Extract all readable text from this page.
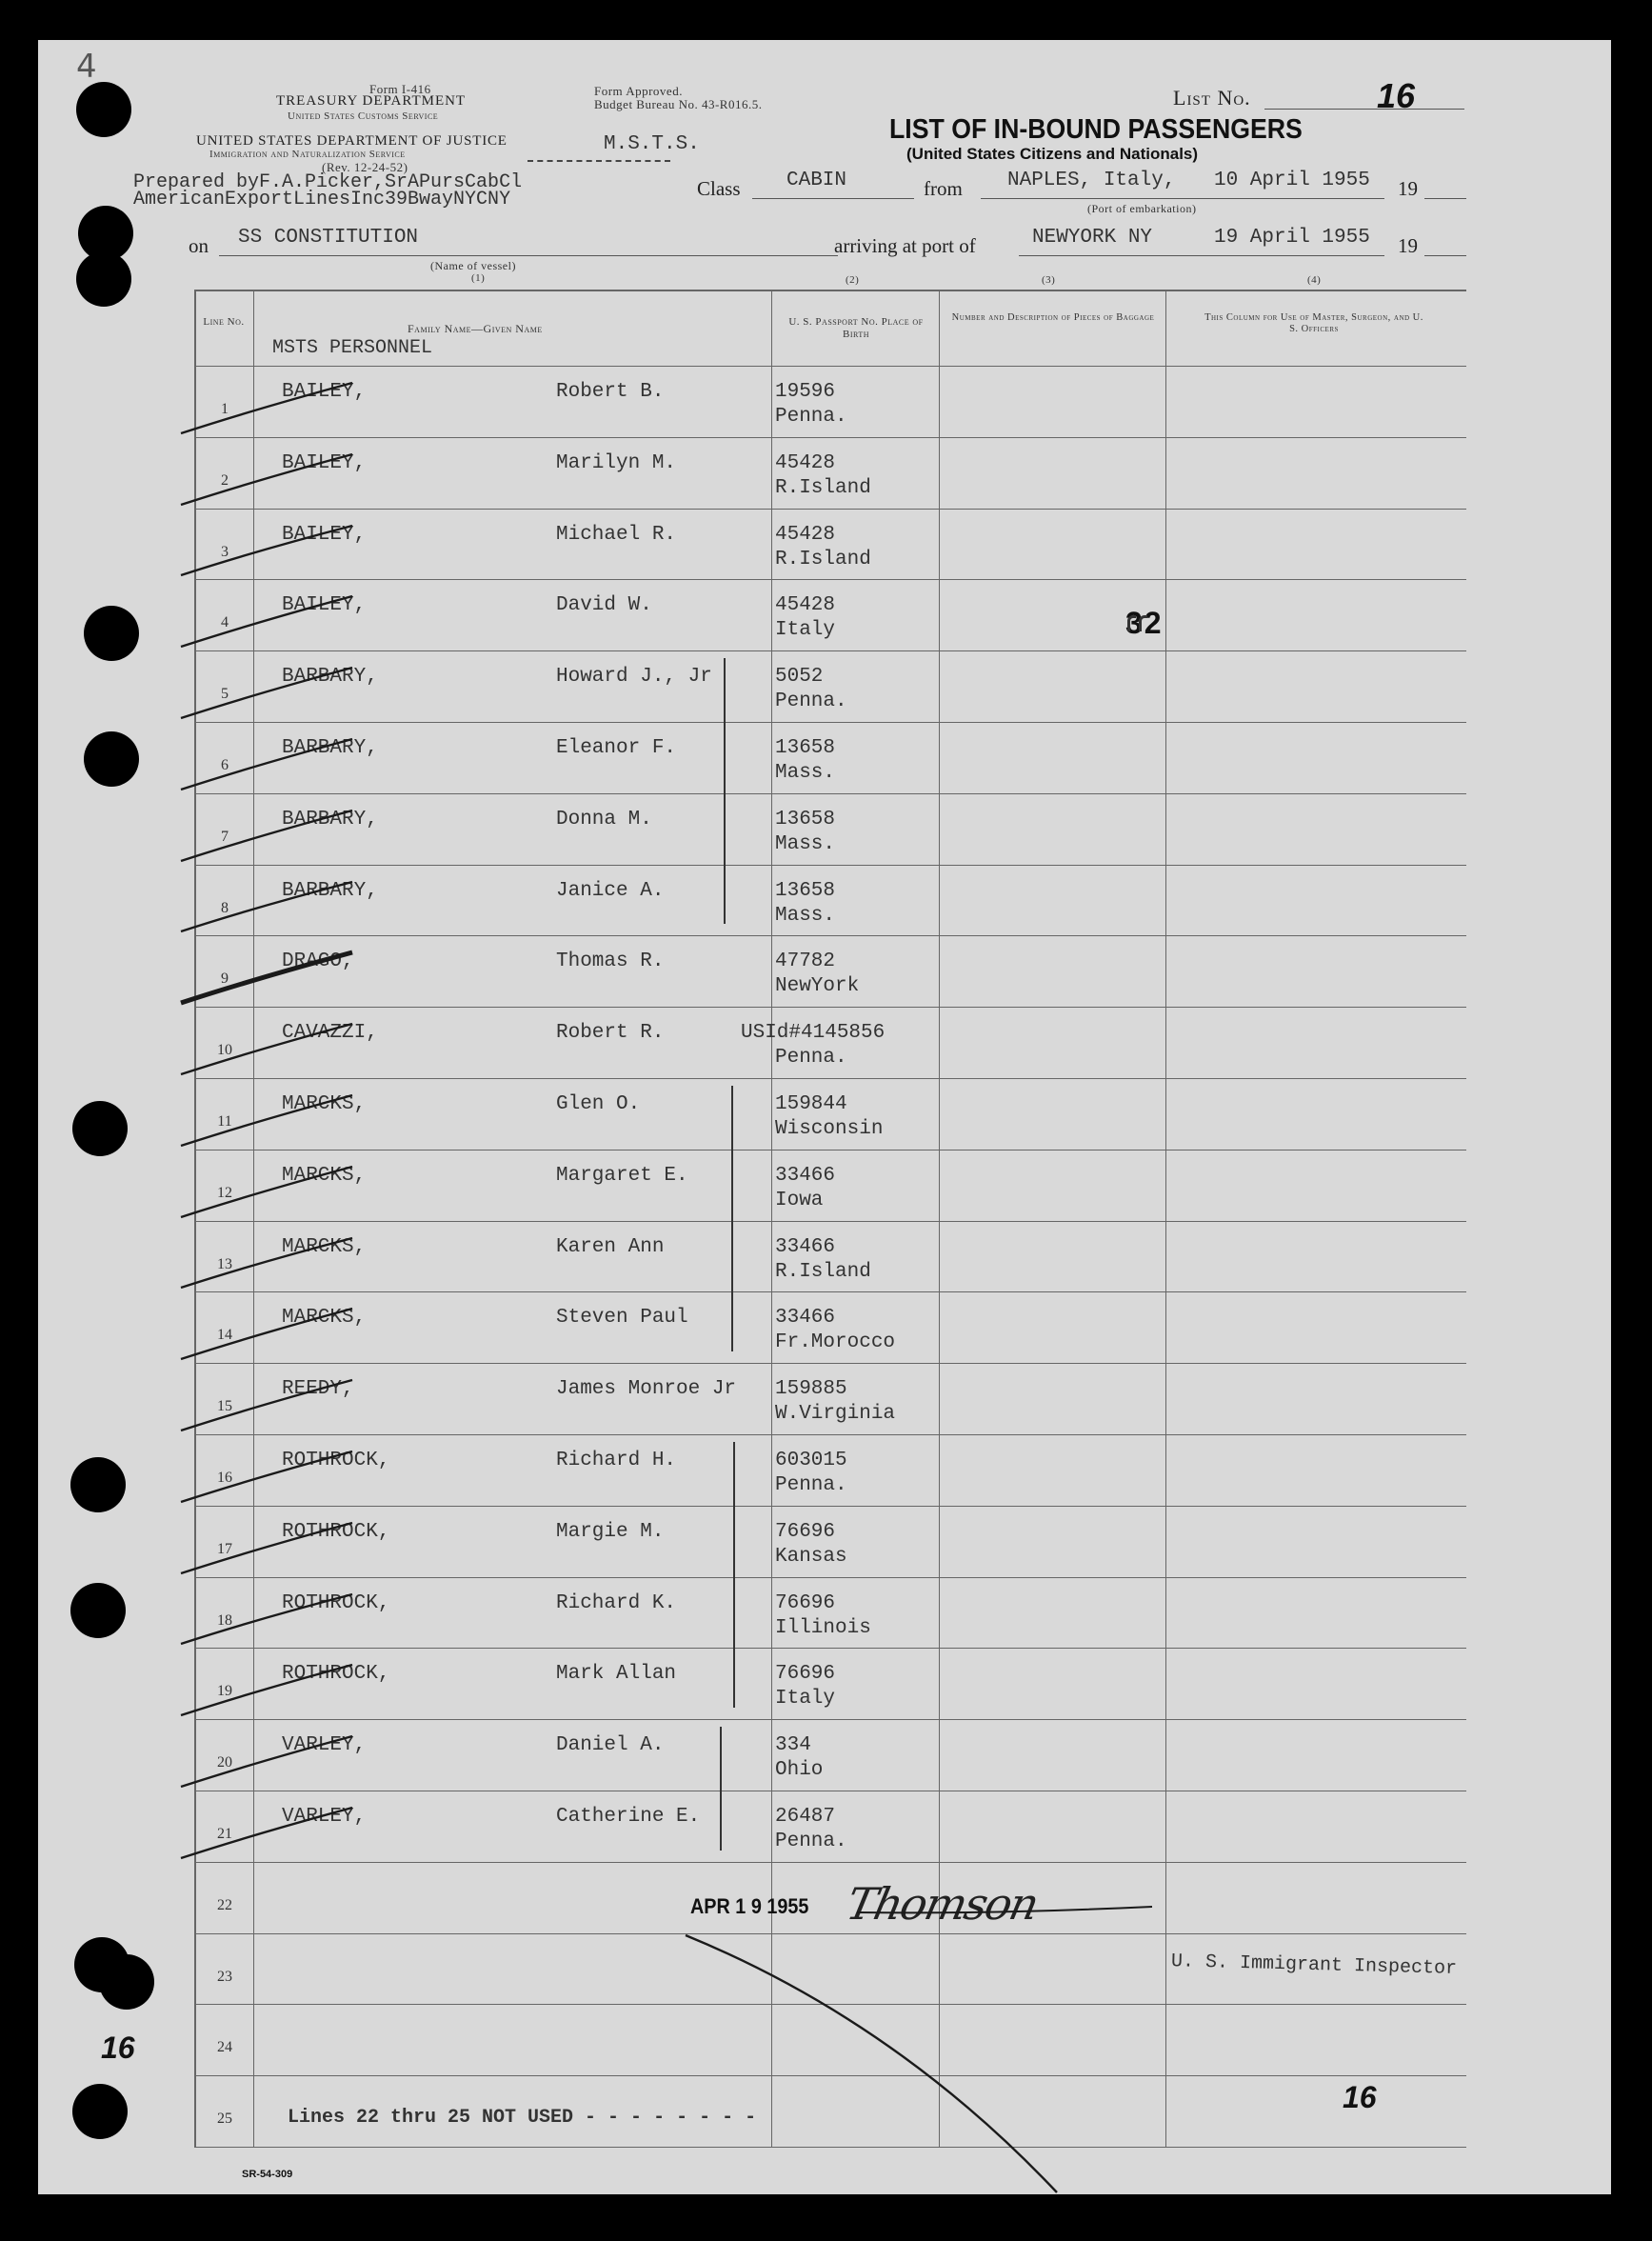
Form I-416
TREASURY DEPARTMENT
United States Customs Service
UNITED STATES DEPARTMENT OF JUSTICE
Immigration and Naturalization Service
(Rev. 12-24-52)
Form Approved.
Budget Bureau No. 43-R016.5.
M.S.T.S.
List No.	16
LIST OF IN-BOUND PASSENGERS
(United States Citizens and Nationals)
Prepared byF.A.Picker,SrAPursCabCl
AmericanExportLinesInc39BwayNYCNY	Class CABIN	from NAPLES, Italy, 10 April 1955 19
(Port of embarkation)
on SS CONSTITUTION
(Name of vessel)
arriving at port of	NEWYORK NY	19 April 1955 19
(1)	(2)	(3)	(4)
Line No.	Family Name—Given Name	U. S. Passport No. Place of Birth
Number and Description of Pieces of Baggage	This Column for Use of Master, Surgeon, and U. S. Officers
MSTS PERSONNEL
1
BAILEY,	Robert B.	19596
Penna.
2
BAILEY,	Marilyn M.	45428
R.Island
3
BAILEY,	Michael R.	45428
R.Island
4
BAILEY,	David W.	45428
Italy
5
BARBARY,	Howard J., Jr	5052
Penna.
6
BARBARY,	Eleanor F.	13658
Mass.
7
BARBARY,	Donna M.	13658
Mass.
8
BARBARY,	Janice A.	13658
Mass.
9
DRAGO,	Thomas R.	47782
NewYork
10
CAVAZZI,	Robert R.	USId#4145856
Penna.
11
MARCKS,	Glen O.	159844
Wisconsin
12
MARCKS,	Margaret E.	33466
Iowa
13
MARCKS,	Karen Ann	33466
R.Island
14
MARCKS,	Steven Paul	33466
Fr.Morocco
15
REEDY,	James Monroe Jr 159885
W.Virginia
16
ROTHROCK,	Richard H.	603015
Penna.
17
ROTHROCK,	Margie M.	76696
Kansas
18
ROTHROCK,	Richard K.	76696
Illinois
19
ROTHROCK,	Mark Allan	76696
Italy
20
VARLEY,	Daniel A.	334
Ohio
21
VARLEY,	Catherine E.	26487
Penna.
22
23
24
25
32
APR 1 9 1955 Thomson
U. S. Immigrant Inspector
Lines 22 thru 25 NOT USED - - - - - - - -
16
16
4
SR-54-309
